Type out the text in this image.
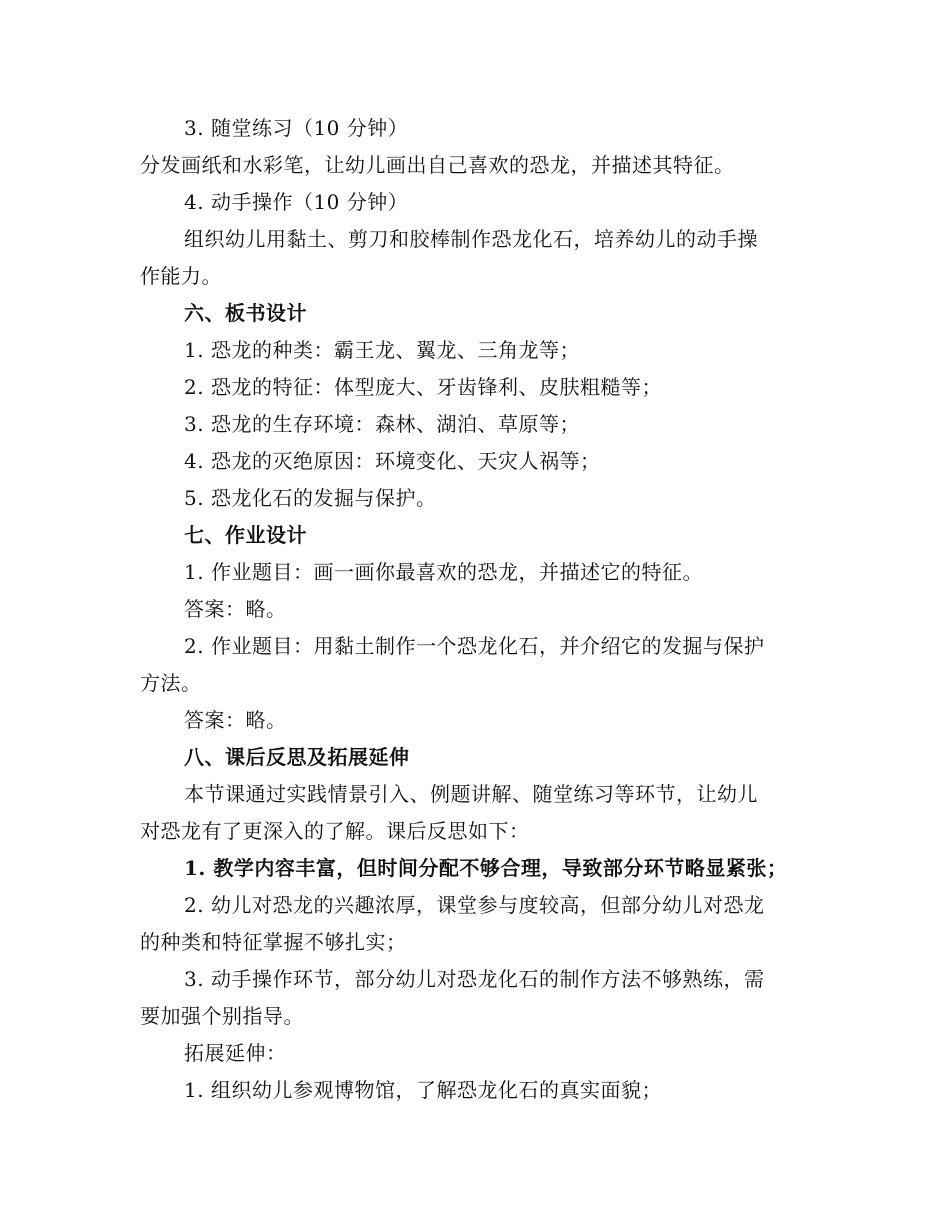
3. 随堂练习（10 分钟）
分发画纸和水彩笔，让幼儿画出自己喜欢的恐龙，并描述其特征。
4. 动手操作（10 分钟）
组织幼儿用黏土、剪刀和胶棒制作恐龙化石，培养幼儿的动手操
作能力。
六、板书设计
1. 恐龙的种类：霸王龙、翼龙、三角龙等；
2. 恐龙的特征：体型庞大、牙齿锋利、皮肤粗糙等；
3. 恐龙的生存环境：森林、湖泊、草原等；
4. 恐龙的灭绝原因：环境变化、天灾人祸等；
5. 恐龙化石的发掘与保护。
七、作业设计
1. 作业题目：画一画你最喜欢的恐龙，并描述它的特征。
答案：略。
2. 作业题目：用黏土制作一个恐龙化石，并介绍它的发掘与保护
方法。
答案：略。
八、课后反思及拓展延伸
本节课通过实践情景引入、例题讲解、随堂练习等环节，让幼儿
对恐龙有了更深入的了解。课后反思如下：
1. 教学内容丰富，但时间分配不够合理，导致部分环节略显紧张；
2. 幼儿对恐龙的兴趣浓厚，课堂参与度较高，但部分幼儿对恐龙
的种类和特征掌握不够扎实；
3. 动手操作环节，部分幼儿对恐龙化石的制作方法不够熟练，需
要加强个别指导。
拓展延伸：
1. 组织幼儿参观博物馆，了解恐龙化石的真实面貌；
